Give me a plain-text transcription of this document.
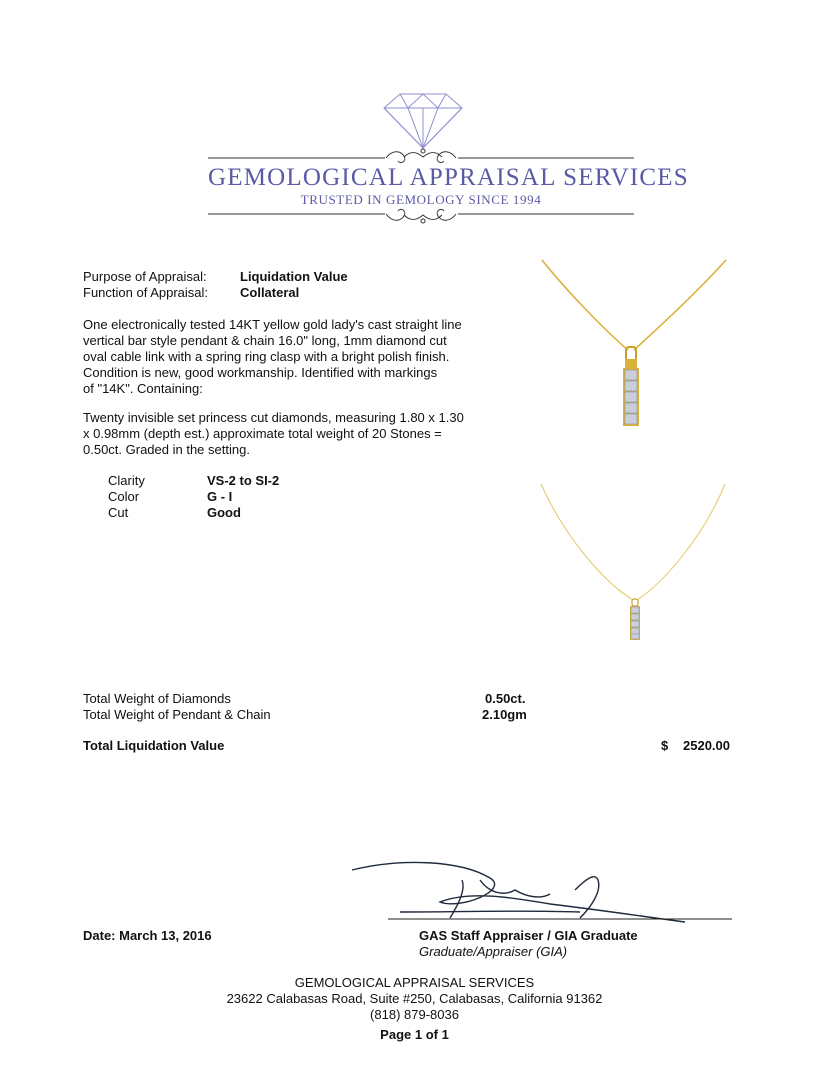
GEMOLOGICAL APPRAISAL SERVICES
TRUSTED IN GEMOLOGY SINCE 1994
Purpose of Appraisal:	Liquidation Value
Function of Appraisal: Collateral
One electronically tested 14KT yellow gold lady's cast straight line
vertical bar style pendant & chain 16.0" long, 1mm diamond cut
oval cable link with a spring ring clasp with a bright polish finish.
Condition is new, good workmanship. Identified with markings
of "14K". Containing:
Twenty invisible set princess cut diamonds, measuring 1.80 x 1.30
x 0.98mm (depth est.) approximate total weight of 20 Stones =
0.50ct. Graded in the setting.
Clarity	VS-2 to SI-2
Color	G - I
Cut	Good
Total Weight of Diamonds	0.50ct.
Total Weight of Pendant & Chain	2.10gm
Total Liquidation Value	$ 2520.00
Date: March 13, 2016	GAS Staff Appraiser / GIA Graduate
Graduate/Appraiser (GIA)
GEMOLOGICAL APPRAISAL SERVICES
23622 Calabasas Road, Suite #250, Calabasas, California 91362
(818) 879-8036
Page 1 of 1
